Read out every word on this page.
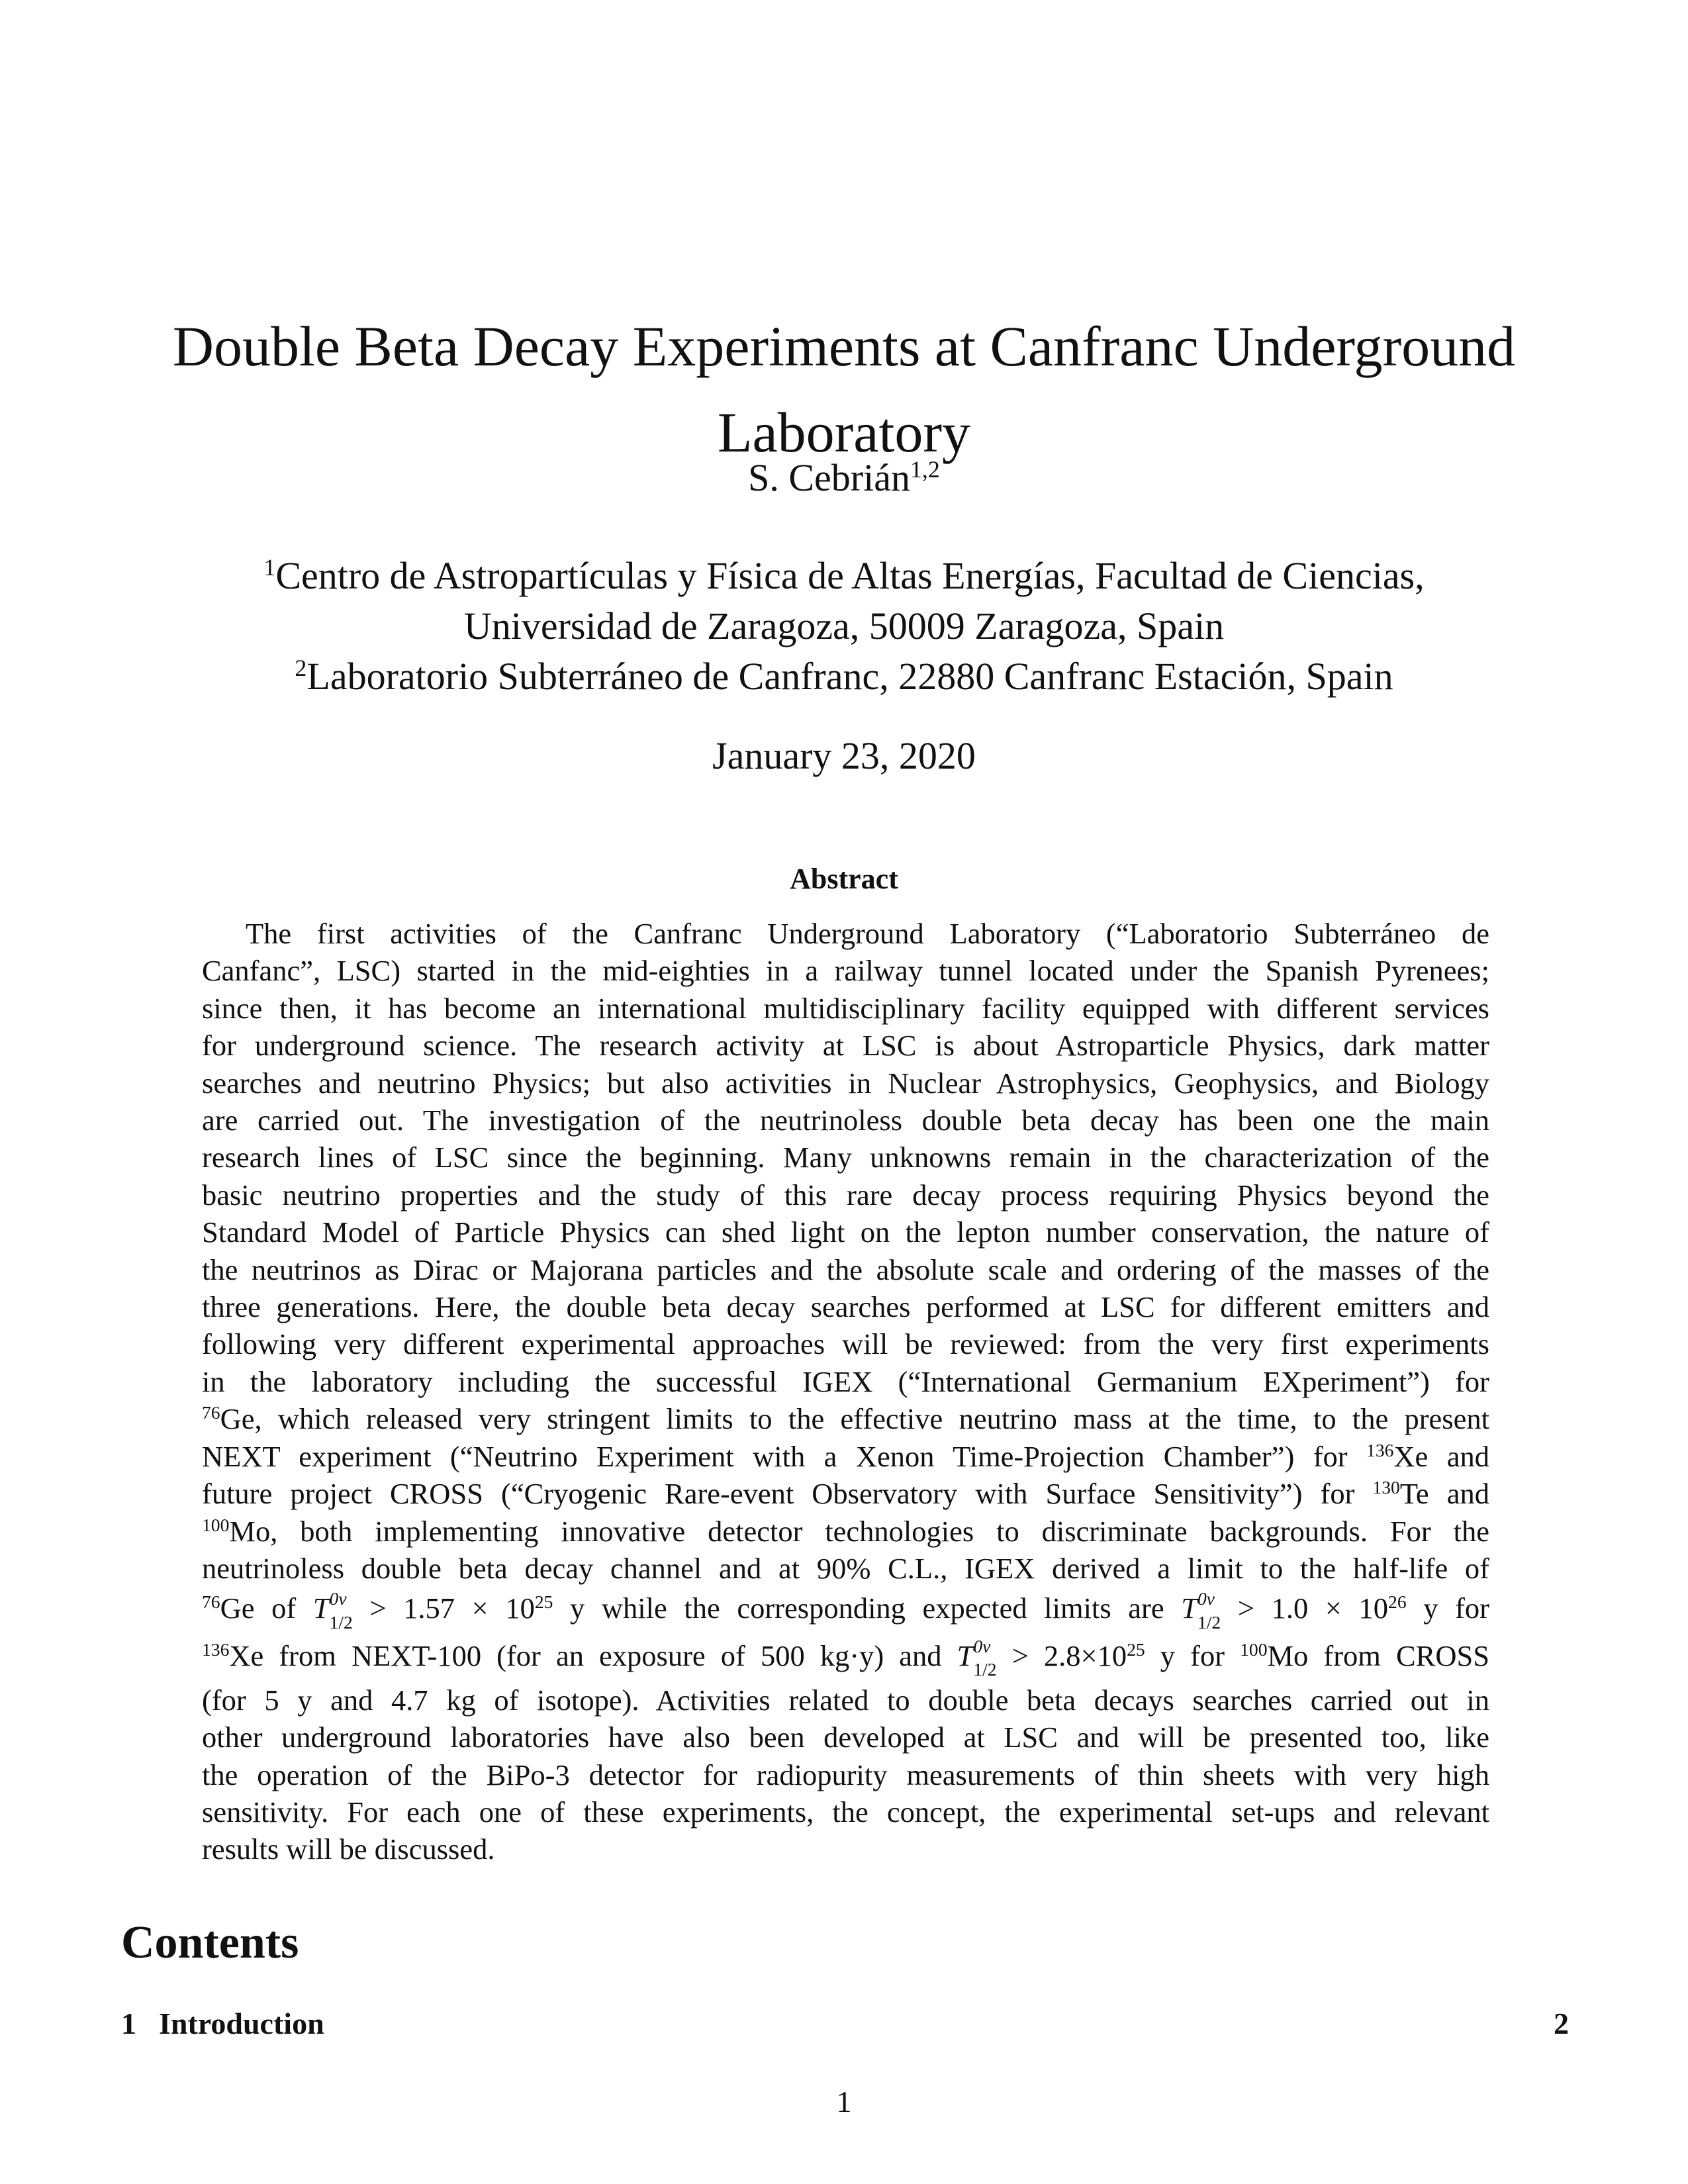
Double Beta Decay Experiments at Canfranc Underground Laboratory
S. Cebrián$^{1,2}$
$^1$Centro de Astropartículas y Física de Altas Energías, Facultad de Ciencias,
Universidad de Zaragoza, 50009 Zaragoza, Spain
$^2$Laboratorio Subterráneo de Canfranc, 22880 Canfranc Estación, Spain
January 23, 2020
Abstract
The first activities of the Canfranc Underground Laboratory (“Laboratorio Subterráneo de
Canfanc”, LSC) started in the mid-eighties in a railway tunnel located under the Spanish Pyrenees;
since then, it has become an international multidisciplinary facility equipped with different services
for underground science. The research activity at LSC is about Astroparticle Physics, dark matter
searches and neutrino Physics; but also activities in Nuclear Astrophysics, Geophysics, and Biology
are carried out. The investigation of the neutrinoless double beta decay has been one the main
research lines of LSC since the beginning. Many unknowns remain in the characterization of the
basic neutrino properties and the study of this rare decay process requiring Physics beyond the
Standard Model of Particle Physics can shed light on the lepton number conservation, the nature of
the neutrinos as Dirac or Majorana particles and the absolute scale and ordering of the masses of the
three generations. Here, the double beta decay searches performed at LSC for different emitters and
following very different experimental approaches will be reviewed: from the very first experiments
in the laboratory including the successful IGEX (“International Germanium EXperiment”) for
$^{76}$Ge, which released very stringent limits to the effective neutrino mass at the time, to the present
NEXT experiment (“Neutrino Experiment with a Xenon Time-Projection Chamber”) for $^{136}$Xe and
future project CROSS (“Cryogenic Rare-event Observatory with Surface Sensitivity”) for $^{130}$Te and
$^{100}$Mo, both implementing innovative detector technologies to discriminate backgrounds. For the
neutrinoless double beta decay channel and at 90% C.L., IGEX derived a limit to the half-life of
$^{76}$Ge of T 0ν
$1/2 > 1.57 \times 10^{25}$ y while the corresponding expected limits are T 0ν
$1/2 > 1.0 \times 10^{26}$ y for
$^{136}$Xe from NEXT-100 (for an exposure of 500 kg·y) and T 0ν
$1/2 > 2.8\times 10^{25}$ y for $^{100}$Mo from CROSS
(for 5 y and 4.7 kg of isotope). Activities related to double beta decays searches carried out in
other underground laboratories have also been developed at LSC and will be presented too, like
the operation of the BiPo-3 detector for radiopurity measurements of thin sheets with very high
sensitivity. For each one of these experiments, the concept, the experimental set-ups and relevant
results will be discussed.
Contents
1 Introduction	2
1
